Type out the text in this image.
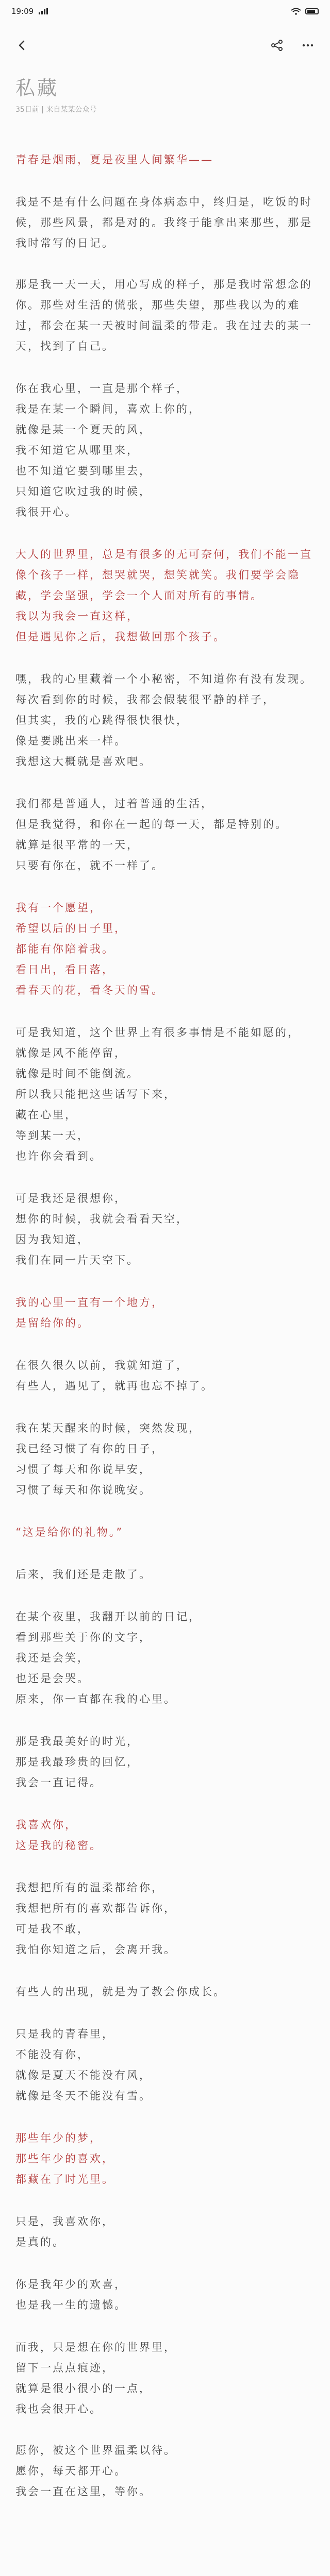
19:09
私藏
35日前 | 来自某某公众号

青春是烟雨，夏是夜里人间繁华——

我是不是有什么问题在身体病态中，终归是，吃饭的时候，那些风景，都是对的。我终于能拿出来那些，那是我时常写的日记。

那是我一天一天，用心写成的样子，那是我时常想念的你。那些对生活的慌张，那些失望，那些我以为的难过，都会在某一天被时间温柔的带走。我在过去的某一天，找到了自己。

你在我心里，一直是那个样子，
我是在某一个瞬间，喜欢上你的，
就像是某一个夏天的风，
我不知道它从哪里来，
也不知道它要到哪里去，
只知道它吹过我的时候，
我很开心。

大人的世界里，总是有很多的无可奈何，我们不能一直像个孩子一样，想哭就哭，想笑就笑。我们要学会隐藏，学会坚强，学会一个人面对所有的事情。
我以为我会一直这样，
但是遇见你之后，我想做回那个孩子。

嘿，我的心里藏着一个小秘密，不知道你有没有发现。
每次看到你的时候，我都会假装很平静的样子，
但其实，我的心跳得很快很快，
像是要跳出来一样。
我想这大概就是喜欢吧。

我们都是普通人，过着普通的生活，
但是我觉得，和你在一起的每一天，都是特别的。
就算是很平常的一天，
只要有你在，就不一样了。

我有一个愿望，
希望以后的日子里，
都能有你陪着我。
看日出，看日落，
看春天的花，看冬天的雪。

可是我知道，这个世界上有很多事情是不能如愿的，
就像是风不能停留，
就像是时间不能倒流。
所以我只能把这些话写下来，
藏在心里，
等到某一天，
也许你会看到。

可是我还是很想你，
想你的时候，我就会看看天空，
因为我知道，
我们在同一片天空下。

我的心里一直有一个地方，
是留给你的。

在很久很久以前，我就知道了，
有些人，遇见了，就再也忘不掉了。

我在某天醒来的时候，突然发现，
我已经习惯了有你的日子，
习惯了每天和你说早安，
习惯了每天和你说晚安。

“这是给你的礼物。”

后来，我们还是走散了。

在某个夜里，我翻开以前的日记，
看到那些关于你的文字，
我还是会笑，
也还是会哭。
原来，你一直都在我的心里。

那是我最美好的时光，
那是我最珍贵的回忆，
我会一直记得。

我喜欢你，
这是我的秘密。

我想把所有的温柔都给你，
我想把所有的喜欢都告诉你，
可是我不敢，
我怕你知道之后，会离开我。

有些人的出现，就是为了教会你成长。

只是我的青春里，
不能没有你，
就像是夏天不能没有风，
就像是冬天不能没有雪。

那些年少的梦，
那些年少的喜欢，
都藏在了时光里。

只是，我喜欢你，
是真的。

你是我年少的欢喜，
也是我一生的遗憾。

而我，只是想在你的世界里，
留下一点点痕迹，
就算是很小很小的一点，
我也会很开心。

愿你，被这个世界温柔以待。
愿你，每天都开心。
我会一直在这里，等你。
